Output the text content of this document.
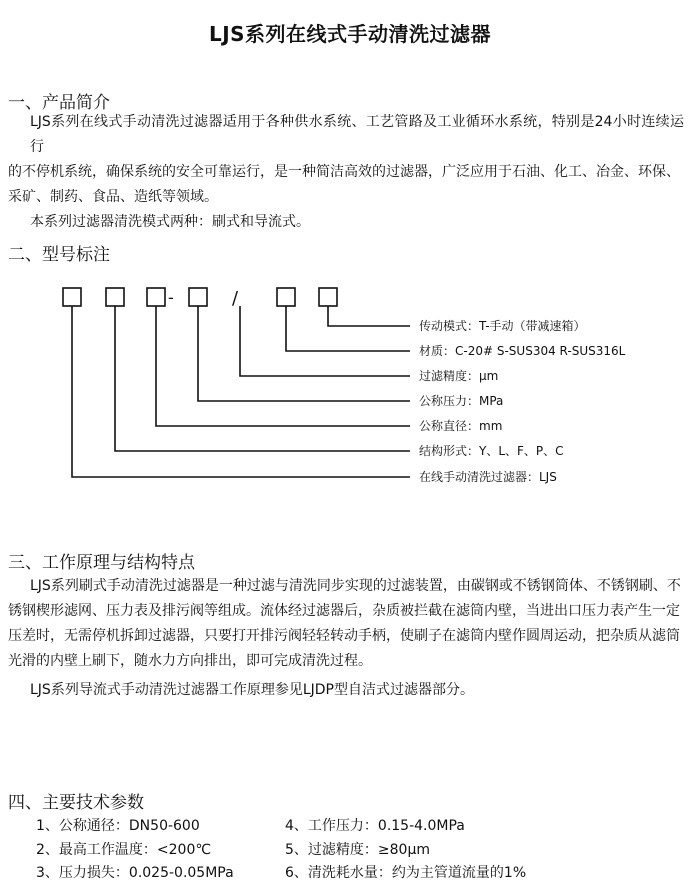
LJS系列在线式手动清洗过滤器
一、产品简介
LJS系列在线式手动清洗过滤器适用于各种供水系统、工艺管路及工业循环水系统，特别是24小时连续运行
的不停机系统，确保系统的安全可靠运行，是一种简洁高效的过滤器，广泛应用于石油、化工、冶金、环保、
采矿、制药、食品、造纸等领域。
本系列过滤器清洗模式两种：刷式和导流式。
二、型号标注
-	/
传动模式：T-手动（带减速箱）
材质：C-20# S-SUS304 R-SUS316L
过滤精度：μm
公称压力：MPa
公称直径：mm
结构形式：Y、L、F、P、C
在线手动清洗过滤器：LJS
三、工作原理与结构特点
LJS系列刷式手动清洗过滤器是一种过滤与清洗同步实现的过滤装置，由碳钢或不锈钢筒体、不锈钢刷、不
锈钢楔形滤网、压力表及排污阀等组成。流体经过滤器后，杂质被拦截在滤筒内壁，当进出口压力表产生一定
压差时，无需停机拆卸过滤器，只要打开排污阀轻轻转动手柄，使刷子在滤筒内壁作圆周运动，把杂质从滤筒
光滑的内壁上刷下，随水力方向排出，即可完成清洗过程。
LJS系列导流式手动清洗过滤器工作原理参见LJDP型自洁式过滤器部分。
四、主要技术参数
1、公称通径：DN50-600
2、最高工作温度：<200℃
3、压力损失：0.025-0.05MPa
4、工作压力：0.15-4.0MPa
5、过滤精度：≥80μm
6、清洗耗水量：约为主管道流量的1%
